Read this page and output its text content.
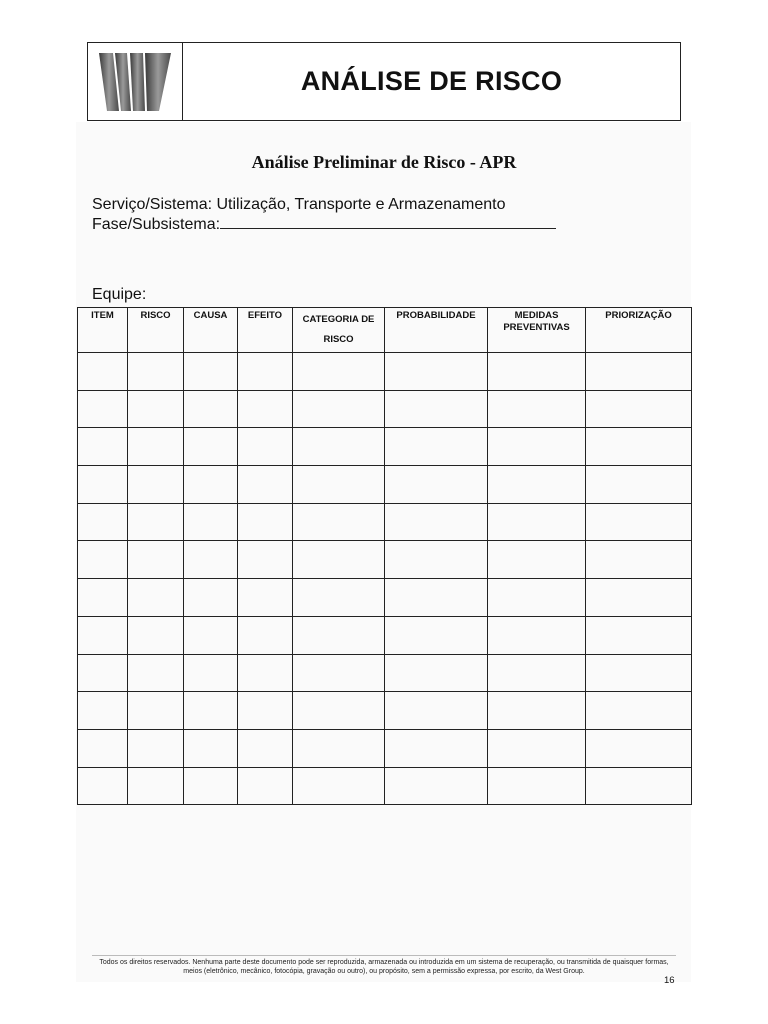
ANÁLISE DE RISCO
Análise Preliminar de Risco - APR
Serviço/Sistema: Utilização, Transporte e Armazenamento
Fase/Subsistema:
Equipe:
ITEM	RISCO	CAUSA	EFEITO	CATEGORIA DE RISCO	PROBABILIDADE	MEDIDAS PREVENTIVAS	PRIORIZAÇÃO

Todos os direitos reservados. Nenhuma parte deste documento pode ser reproduzida, armazenada ou introduzida em um sistema de recuperação, ou transmitida de quaisquer formas, meios (eletrônico, mecânico, fotocópia, gravação ou outro), ou propósito, sem a permissão expressa, por escrito, da West Group.
16
